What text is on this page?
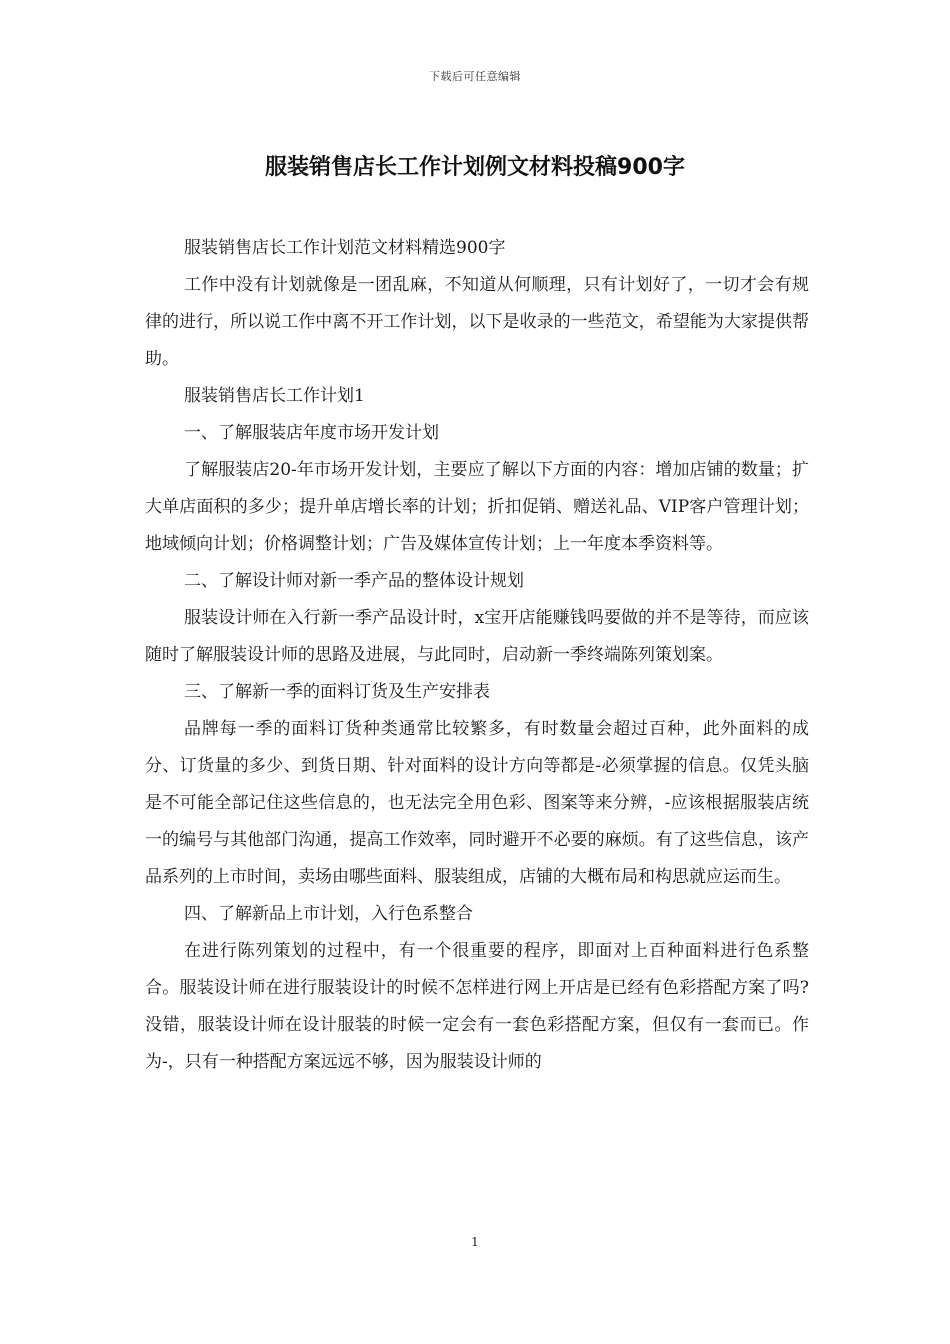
下载后可任意编辑
服装销售店长工作计划例文材料投稿900字

服装销售店长工作计划范文材料精选900字

工作中没有计划就像是一团乱麻，不知道从何顺理，只有计划好了，一切才会有规律的进行，所以说工作中离不开工作计划，以下是收录的一些范文，希望能为大家提供帮助。

服装销售店长工作计划1

一、了解服装店年度市场开发计划

了解服装店20-年市场开发计划，主要应了解以下方面的内容：增加店铺的数量；扩大单店面积的多少；提升单店增长率的计划；折扣促销、赠送礼品、VIP客户管理计划；地域倾向计划；价格调整计划；广告及媒体宣传计划；上一年度本季资料等。

二、了解设计师对新一季产品的整体设计规划

服装设计师在入行新一季产品设计时，x宝开店能赚钱吗要做的并不是等待，而应该随时了解服装设计师的思路及进展，与此同时，启动新一季终端陈列策划案。

三、了解新一季的面料订货及生产安排表

品牌每一季的面料订货种类通常比较繁多，有时数量会超过百种，此外面料的成分、订货量的多少、到货日期、针对面料的设计方向等都是-必须掌握的信息。仅凭头脑是不可能全部记住这些信息的，也无法完全用色彩、图案等来分辨，-应该根据服装店统一的编号与其他部门沟通，提高工作效率，同时避开不必要的麻烦。有了这些信息，该产品系列的上市时间，卖场由哪些面料、服装组成，店铺的大概布局和构思就应运而生。

四、了解新品上市计划，入行色系整合

在进行陈列策划的过程中，有一个很重要的程序，即面对上百种面料进行色系整合。服装设计师在进行服装设计的时候不怎样进行网上开店是已经有色彩搭配方案了吗?没错，服装设计师在设计服装的时候一定会有一套色彩搭配方案，但仅有一套而已。作为-，只有一种搭配方案远远不够，因为服装设计师的

1
